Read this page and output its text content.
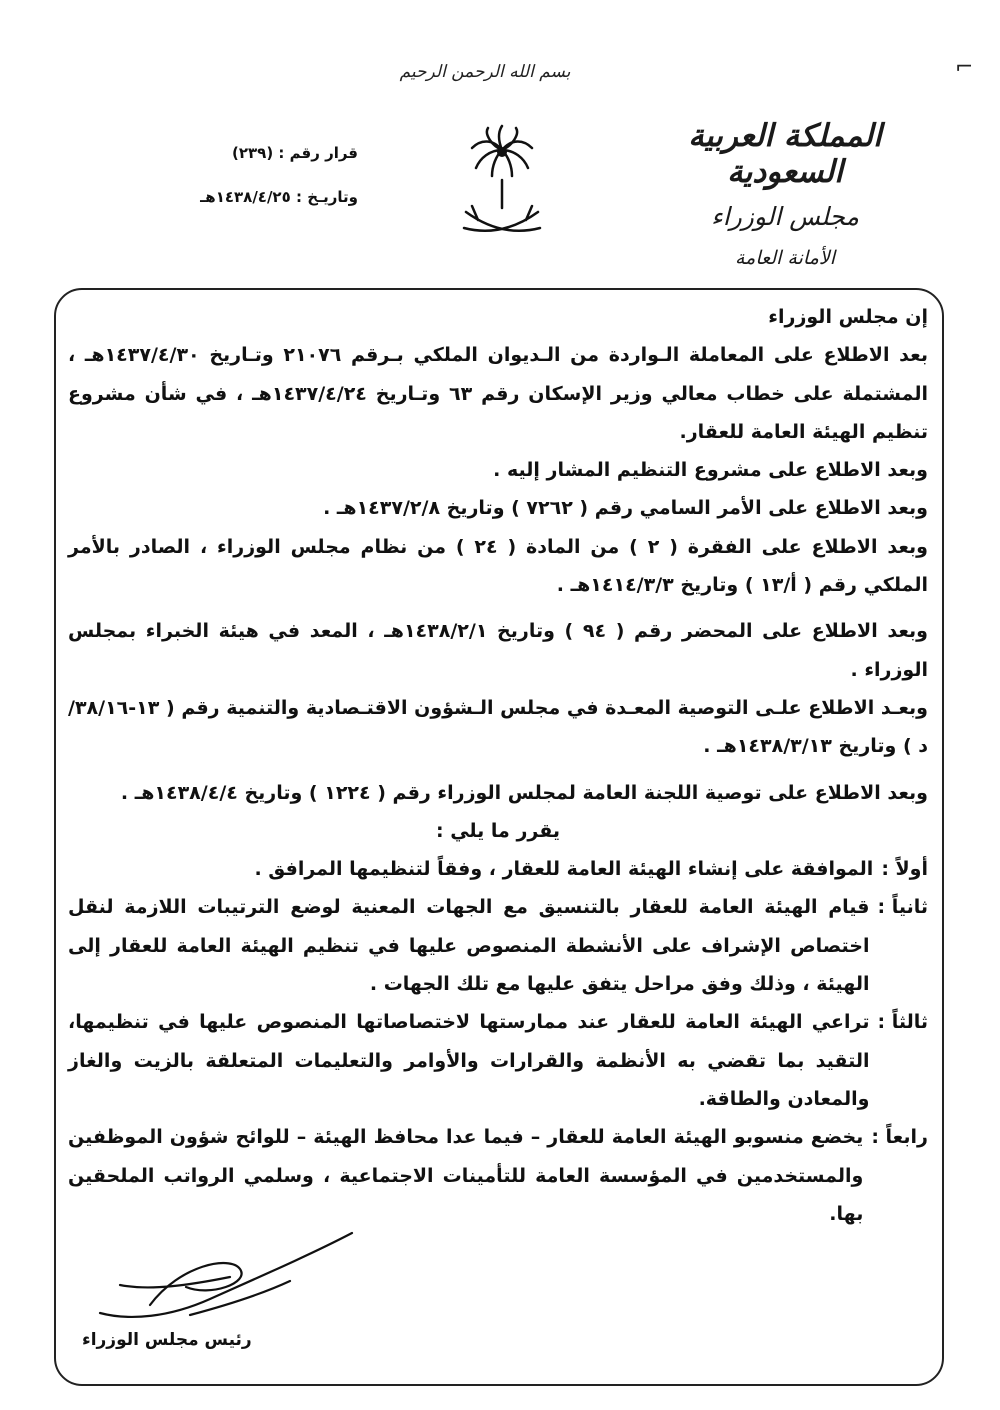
⌐
بسم الله الرحمن الرحيم
المملكة العربية السعودية
مجلس الوزراء
الأمانة العامة
قرار رقم : (٢٣٩)
وتاريـخ : ١٤٣٨/٤/٢٥هـ

إن مجلس الوزراء

بعد الاطلاع على المعاملة الـواردة من الـديوان الملكي بـرقم ٢١٠٧٦ وتـاريخ ١٤٣٧/٤/٣٠هـ ، المشتملة على خطاب معالي وزير الإسكان رقم ٦٣ وتـاريخ ١٤٣٧/٤/٢٤هـ ، في شأن مشروع تنظيم الهيئة العامة للعقار.

وبعد الاطلاع على مشروع التنظيم المشار إليه .

وبعد الاطلاع على الأمر السامي رقم ( ٧٢٦٢ ) وتاريخ ١٤٣٧/٢/٨هـ .

وبعد الاطلاع على الفقرة ( ٢ ) من المادة ( ٢٤ ) من نظام مجلس الوزراء ، الصادر بالأمر الملكي رقم ( أ/١٣ ) وتاريخ ١٤١٤/٣/٣هـ .

وبعد الاطلاع على المحضر رقم ( ٩٤ ) وتاريخ ١٤٣٨/٢/١هـ ، المعد في هيئة الخبراء بمجلس الوزراء .

وبعـد الاطلاع علـى التوصية المعـدة في مجلس الـشؤون الاقتـصادية والتنمية رقم ( ١٣-٣٨/١٦/د ) وتاريخ ١٤٣٨/٣/١٣هـ .

وبعد الاطلاع على توصية اللجنة العامة لمجلس الوزراء رقم ( ١٢٢٤ ) وتاريخ ١٤٣٨/٤/٤هـ .

يقرر ما يلي :

أولاً :
الموافقة على إنشاء الهيئة العامة للعقار ، وفقاً لتنظيمها المرافق .
ثانياً :
قيام الهيئة العامة للعقار بالتنسيق مع الجهات المعنية لوضع الترتيبات اللازمة لنقل اختصاص الإشراف على الأنشطة المنصوص عليها في تنظيم الهيئة العامة للعقار إلى الهيئة ، وذلك وفق مراحل يتفق عليها مع تلك الجهات .
ثالثاً :
تراعي الهيئة العامة للعقار عند ممارستها لاختصاصاتها المنصوص عليها في تنظيمها، التقيد بما تقضي به الأنظمة والقرارات والأوامر والتعليمات المتعلقة بالزيت والغاز والمعادن والطاقة.
رابعاً :
يخضع منسوبو الهيئة العامة للعقار – فيما عدا محافظ الهيئة – للوائح شؤون الموظفين والمستخدمين في المؤسسة العامة للتأمينات الاجتماعية ، وسلمي الرواتب الملحقين بها.
رئيس مجلس الوزراء
